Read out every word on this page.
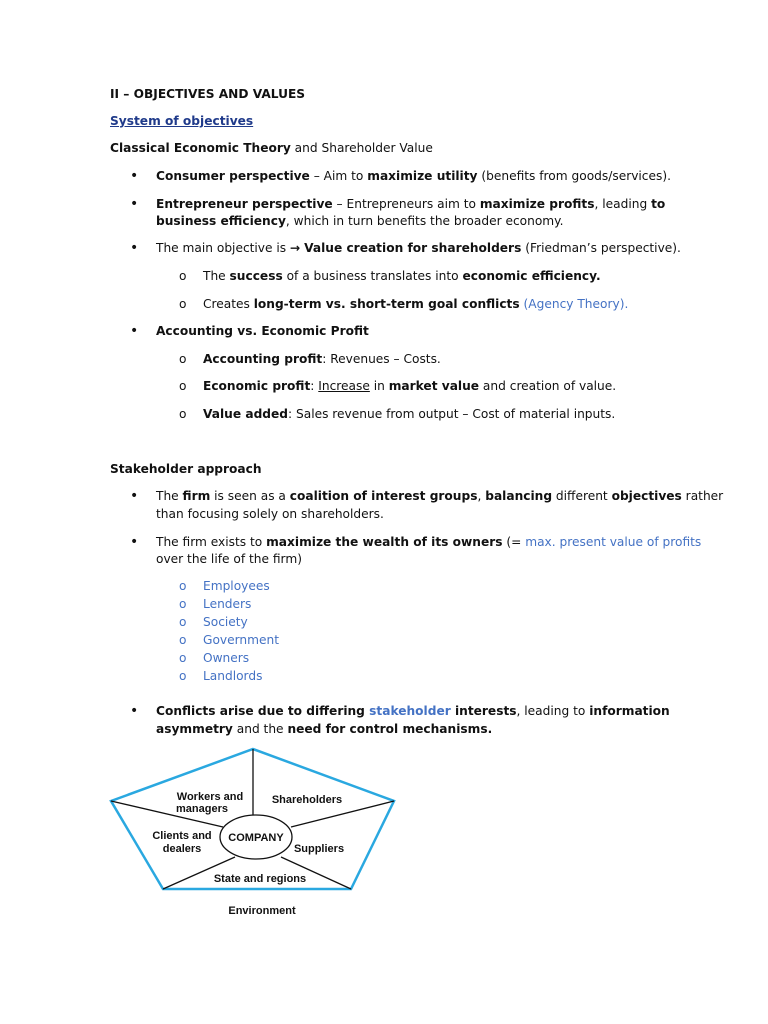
II – OBJECTIVES AND VALUES
System of objectives
Classical Economic Theory and Shareholder Value
• Consumer perspective – Aim to maximize utility (benefits from goods/services).
• Entrepreneur perspective – Entrepreneurs aim to maximize profits, leading to
business efficiency, which in turn benefits the broader economy.
• The main objective is → Value creation for shareholders (Friedman’s perspective).
o The success of a business translates into economic efficiency.
o Creates long-term vs. short-term goal conflicts (Agency Theory).
• Accounting vs. Economic Profit
o Accounting profit: Revenues – Costs.
o Economic profit: Increase in market value and creation of value.
o Value added: Sales revenue from output – Cost of material inputs.
Stakeholder approach
• The firm is seen as a coalition of interest groups, balancing different objectives rather
than focusing solely on shareholders.
• The firm exists to maximize the wealth of its owners (= max. present value of profits
over the life of the firm)
o Employees
o Lenders
o Society
o Government
o Owners
o Landlords
• Conflicts arise due to differing stakeholder interests, leading to information
asymmetry and the need for control mechanisms.
COMPANY
Workers and
managers
Shareholders
Clients and
dealers	Suppliers
State and regions
Environment
